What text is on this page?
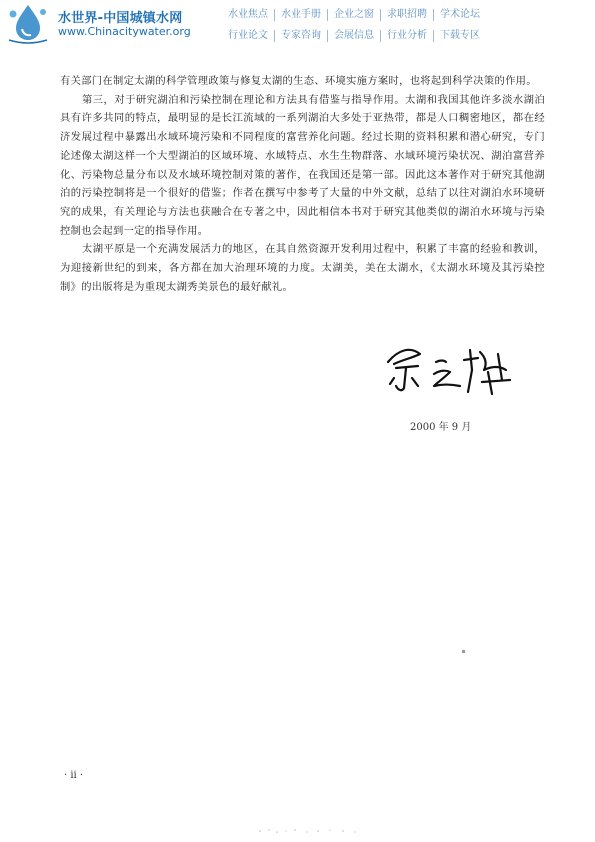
水世界-中国城镇水网
www.Chinacitywater.org
水业焦点	水业手册	企业之窗	求职招聘	学术论坛
行业论文	专家咨询	会展信息	行业分析	下载专区

有关部门在制定太湖的科学管理政策与修复太湖的生态、环境实施方案时，也将起到科学决策的作用。

第三，对于研究湖泊和污染控制在理论和方法具有借鉴与指导作用。太湖和我国其他许多淡水湖泊具有许多共同的特点，最明显的是长江流域的一系列湖泊大多处于亚热带，都是人口稠密地区，都在经济发展过程中暴露出水域环境污染和不同程度的富营养化问题。经过长期的资料积累和潜心研究，专门论述像太湖这样一个大型湖泊的区域环境、水域特点、水生生物群落、水域环境污染状况、湖泊富营养化、污染物总量分布以及水域环境控制对策的著作，在我国还是第一部。因此这本著作对于研究其他湖泊的污染控制将是一个很好的借鉴；作者在撰写中参考了大量的中外文献，总结了以往对湖泊水环境研究的成果，有关理论与方法也获融合在专著之中，因此相信本书对于研究其他类似的湖泊水环境与污染控制也会起到一定的指导作用。

太湖平原是一个充满发展活力的地区，在其自然资源开发利用过程中，积累了丰富的经验和教训，为迎接新世纪的到来，各方都在加大治理环境的力度。太湖美，美在太湖水，《太湖水环境及其污染控制》的出版将是为重现太湖秀美景色的最好献礼。

2000 年 9 月
· ii ·
